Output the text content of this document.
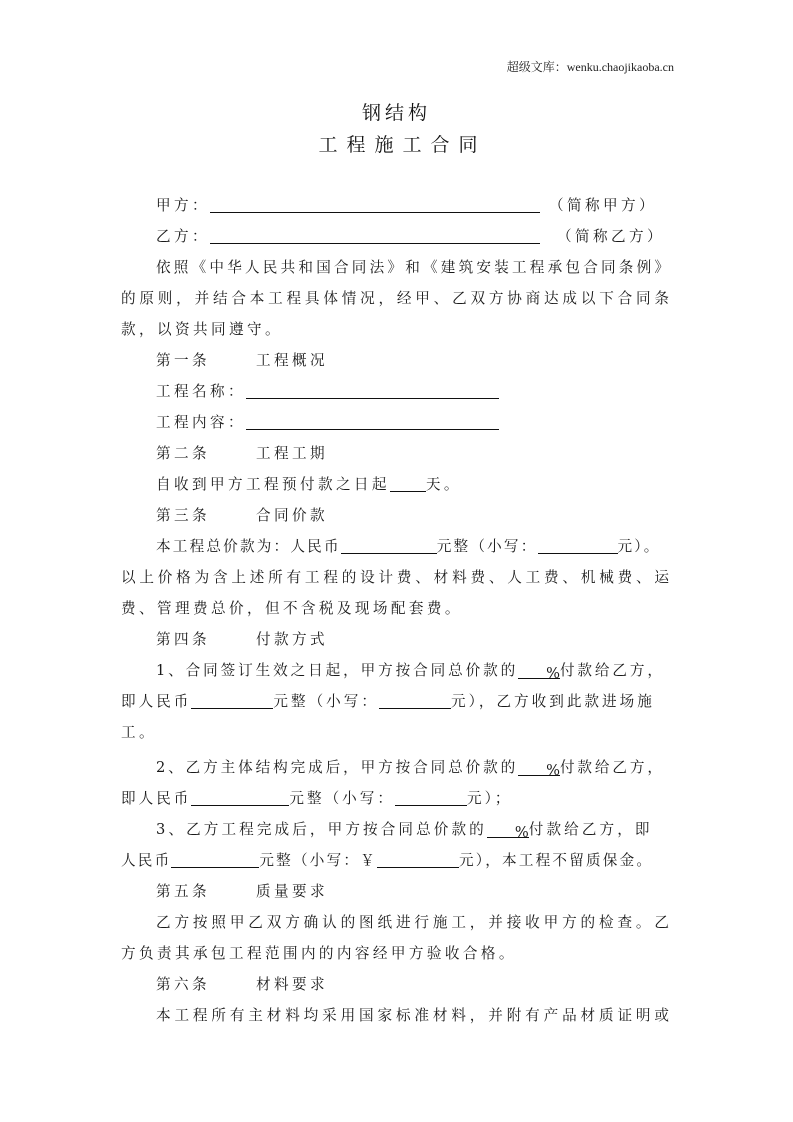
超级文库：wenku.chaojikaoba.cn
钢结构
工程施工合同
甲方：	（简称甲方）
乙方：	（简称乙方）
依照《中华人民共和国合同法》和《建筑安装工程承包合同条例》
的原则，并结合本工程具体情况，经甲、乙双方协商达成以下合同条
款，以资共同遵守。
第一条	工程概况
工程名称：
工程内容：
第二条	工程工期
自收到甲方工程预付款之日起 天。
第三条	合同价款
本工程总价款为：人民币	元整（小写：	元）。
以上价格为含上述所有工程的设计费、材料费、人工费、机械费、运
费、管理费总价，但不含税及现场配套费。
第四条	付款方式
1、合同签订生效之日起，甲方按合同总价款的 %付款给乙方，
即人民币	元整（小写：	元），乙方收到此款进场施
工。
2、乙方主体结构完成后，甲方按合同总价款的 %付款给乙方，
即人民币	元整（小写：	元）；
3、乙方工程完成后，甲方按合同总价款的 %付款给乙方，即
人民币	元整（小写：￥	元），本工程不留质保金。
第五条	质量要求
乙方按照甲乙双方确认的图纸进行施工，并接收甲方的检查。乙
方负责其承包工程范围内的内容经甲方验收合格。
第六条	材料要求
本工程所有主材料均采用国家标准材料，并附有产品材质证明或
